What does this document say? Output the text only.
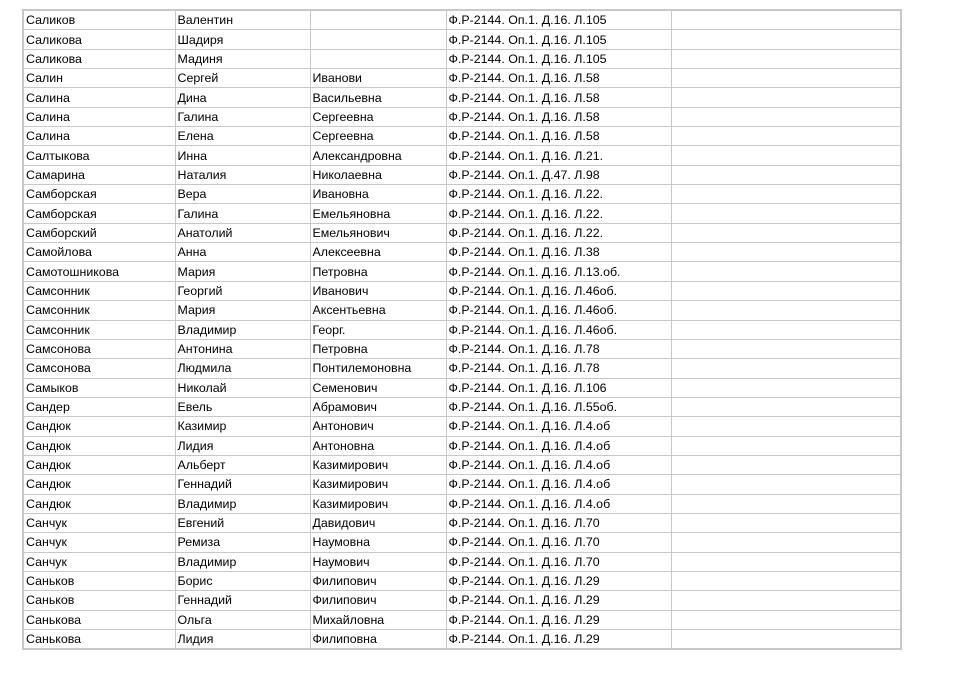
Саликов	Валентин		Ф.Р-2144. Оп.1. Д.16. Л.105	
Саликова	Шадиря		Ф.Р-2144. Оп.1. Д.16. Л.105	
Саликова	Мадиня		Ф.Р-2144. Оп.1. Д.16. Л.105	
Салин	Сергей	Иванови	Ф.Р-2144. Оп.1. Д.16. Л.58	
Салина	Дина	Васильевна	Ф.Р-2144. Оп.1. Д.16. Л.58	
Салина	Галина	Сергеевна	Ф.Р-2144. Оп.1. Д.16. Л.58	
Салина	Елена	Сергеевна	Ф.Р-2144. Оп.1. Д.16. Л.58	
Салтыкова	Инна	Александровна	Ф.Р-2144. Оп.1. Д.16. Л.21.	
Самарина	Наталия	Николаевна	Ф.Р-2144. Оп.1. Д.47. Л.98	
Самборская	Вера	Ивановна	Ф.Р-2144. Оп.1. Д.16. Л.22.	
Самборская	Галина	Емельяновна	Ф.Р-2144. Оп.1. Д.16. Л.22.	
Самборский	Анатолий	Емельянович	Ф.Р-2144. Оп.1. Д.16. Л.22.	
Самойлова	Анна	Алексеевна	Ф.Р-2144. Оп.1. Д.16. Л.38	
Самотошникова	Мария	Петровна	Ф.Р-2144. Оп.1. Д.16. Л.13.об.	
Самсонник	Георгий	Иванович	Ф.Р-2144. Оп.1. Д.16. Л.46об.	
Самсонник	Мария	Аксентьевна	Ф.Р-2144. Оп.1. Д.16. Л.46об.	
Самсонник	Владимир	Георг.	Ф.Р-2144. Оп.1. Д.16. Л.46об.	
Самсонова	Антонина	Петровна	Ф.Р-2144. Оп.1. Д.16. Л.78	
Самсонова	Людмила	Понтилемоновна	Ф.Р-2144. Оп.1. Д.16. Л.78	
Самыков	Николай	Семенович	Ф.Р-2144. Оп.1. Д.16. Л.106	
Сандер	Евель	Абрамович	Ф.Р-2144. Оп.1. Д.16. Л.55об.	
Сандюк	Казимир	Антонович	Ф.Р-2144. Оп.1. Д.16. Л.4.об	
Сандюк	Лидия	Антоновна	Ф.Р-2144. Оп.1. Д.16. Л.4.об	
Сандюк	Альберт	Казимирович	Ф.Р-2144. Оп.1. Д.16. Л.4.об	
Сандюк	Геннадий	Казимирович	Ф.Р-2144. Оп.1. Д.16. Л.4.об	
Сандюк	Владимир	Казимирович	Ф.Р-2144. Оп.1. Д.16. Л.4.об	
Санчук	Евгений	Давидович	Ф.Р-2144. Оп.1. Д.16. Л.70	
Санчук	Ремиза	Наумовна	Ф.Р-2144. Оп.1. Д.16. Л.70	
Санчук	Владимир	Наумович	Ф.Р-2144. Оп.1. Д.16. Л.70	
Саньков	Борис	Филипович	Ф.Р-2144. Оп.1. Д.16. Л.29	
Саньков	Геннадий	Филипович	Ф.Р-2144. Оп.1. Д.16. Л.29	
Санькова	Ольга	Михайловна	Ф.Р-2144. Оп.1. Д.16. Л.29	
Санькова	Лидия	Филиповна	Ф.Р-2144. Оп.1. Д.16. Л.29	
